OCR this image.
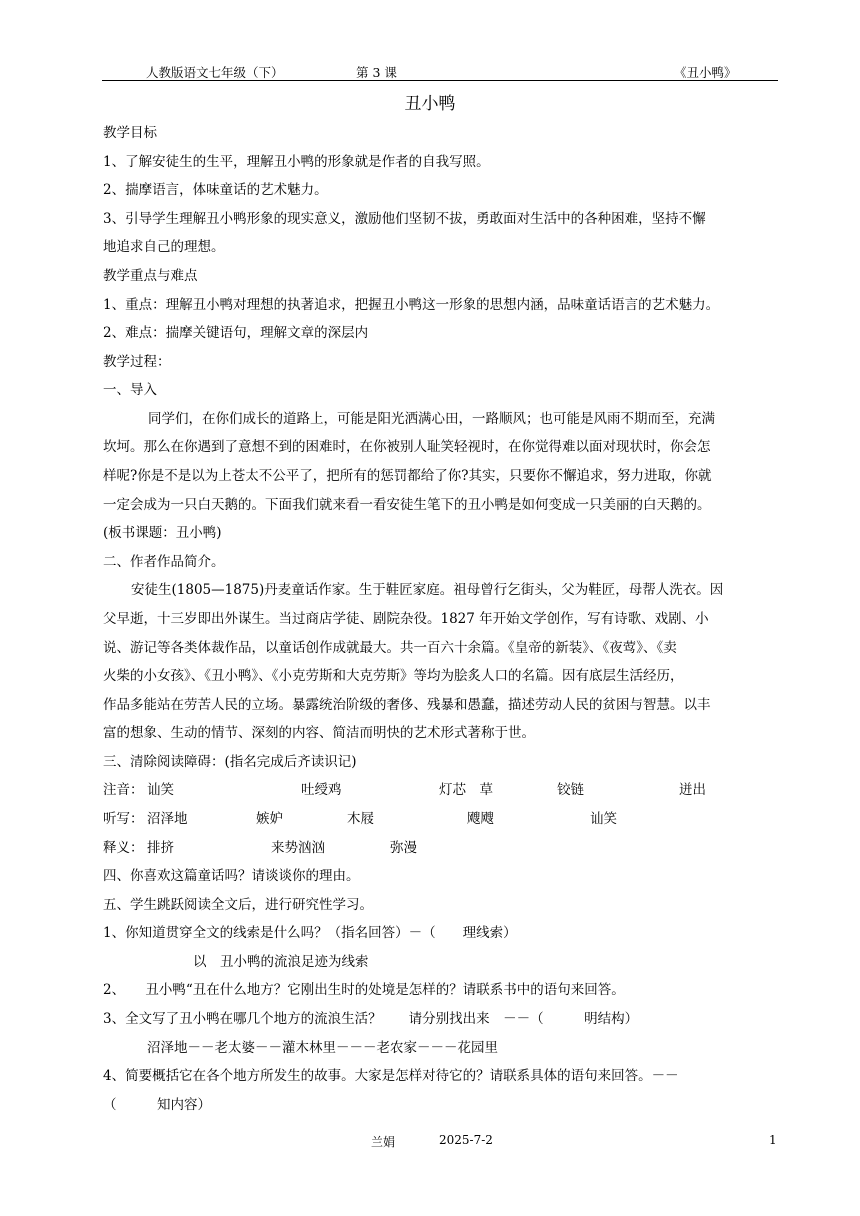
人教版语文七年级（下）	第 3 课	《丑小鸭》
丑小鸭
教学目标
1、了解安徒生的生平，理解丑小鸭的形象就是作者的自我写照。
2、揣摩语言，体味童话的艺术魅力。
3、引导学生理解丑小鸭形象的现实意义，激励他们坚韧不拔，勇敢面对生活中的各种困难，坚持不懈
地追求自己的理想。
教学重点与难点
1、重点：理解丑小鸭对理想的执著追求，把握丑小鸭这一形象的思想内涵，品味童话语言的艺术魅力。
2、难点：揣摩关键语句，理解文章的深层内
教学过程：
一、导入
同学们，在你们成长的道路上，可能是阳光洒满心田，一路顺风；也可能是风雨不期而至，充满
坎坷。那么在你遇到了意想不到的困难时，在你被别人耻笑轻视时，在你觉得难以面对现状时，你会怎
样呢?你是不是以为上苍太不公平了，把所有的惩罚都给了你?其实，只要你不懈追求，努力进取，你就
一定会成为一只白天鹅的。下面我们就来看一看安徒生笔下的丑小鸭是如何变成一只美丽的白天鹅的。
(板书课题：丑小鸭)
二、作者作品简介。
安徒生(1805—1875)丹麦童话作家。生于鞋匠家庭。祖母曾行乞街头，父为鞋匠，母帮人洗衣。因
父早逝，十三岁即出外谋生。当过商店学徒、剧院杂役。1827 年开始文学创作，写有诗歌、戏剧、小
说、游记等各类体裁作品，以童话创作成就最大。共一百六十余篇。《皇帝的新装》、《夜莺》、《卖
火柴的小女孩》、《丑小鸭》、《小克劳斯和大克劳斯》等均为脍炙人口的名篇。因有底层生活经历，
作品多能站在劳苦人民的立场。暴露统治阶级的奢侈、残暴和愚蠢，描述劳动人民的贫困与智慧。以丰
富的想象、生动的情节、深刻的内容、简洁而明快的艺术形式著称于世。
三、清除阅读障碍：(指名完成后齐读识记)
注音： 讪笑	吐绶鸡	灯芯　草	铰链	迸出
听写： 沼泽地	嫉妒	木屐	飕飕	讪笑
释义： 排挤	来势汹汹	弥漫
四、你喜欢这篇童话吗？请谈谈你的理由。
五、学生跳跃阅读全文后，进行研究性学习。
1、你知道贯穿全文的线索是什么吗？（指名回答）－（　　理线索）
以　丑小鸭的流浪足迹为线索
2、　　丑小鸭“丑在什么地方？它刚出生时的处境是怎样的？请联系书中的语句来回答。
3、全文写了丑小鸭在哪几个地方的流浪生活？　　请分别找出来　－－（　　　明结构）
沼泽地－－老太婆－－灌木林里－－－老农家－－－花园里
4、简要概括它在各个地方所发生的故事。大家是怎样对待它的？请联系具体的语句来回答。－－
（　　　知内容）
兰娟	2025-7-2	1
